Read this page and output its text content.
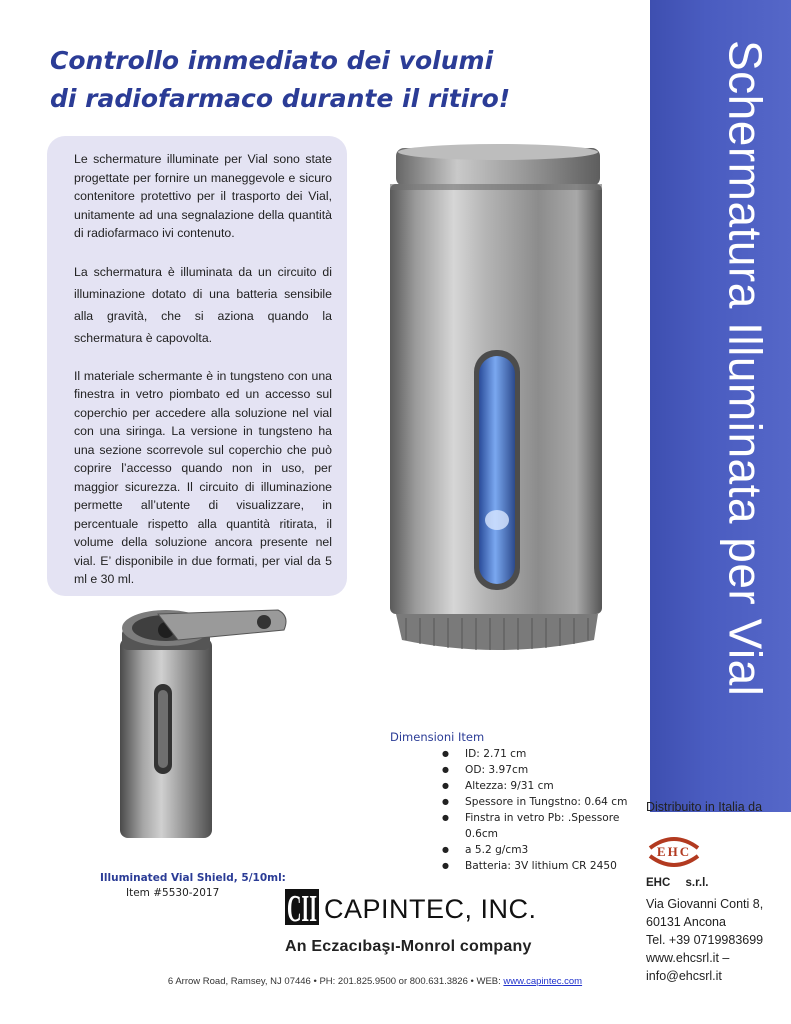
Schermatura Illuminata per Vial
Controllo immediato dei volumi
di radiofarmaco durante il ritiro!

Le schermature illuminate per Vial sono state progettate per fornire un maneggevole e sicuro contenitore protettivo per il trasporto dei Vial, unitamente ad una segnalazione della quantità di radiofarmaco ivi contenuto.

La schermatura è illuminata da un circuito di illuminazione dotato di una batteria sensibile alla gravità, che si aziona quando la schermatura è capovolta.

Il materiale schermante è in tungsteno con una finestra in vetro piombato ed un accesso sul coperchio per accedere alla soluzione nel vial con una siringa. La versione in tungsteno ha una sezione scorrevole sul coperchio che può coprire l’accesso quando non in uso, per maggior sicurezza. Il circuito di illuminazione permette all’utente di visualizzare, in percentuale rispetto alla quantità ritirata, il volume della soluzione ancora presente nel vial. E’ disponibile in due formati, per vial da 5 ml e 30 ml.

Dimensioni Item
● ID: 2.71 cm
● OD: 3.97cm
● Altezza: 9/31 cm
● Spessore in Tungstno: 0.64 cm
● Finstra in vetro Pb: .Spessore 0.6cm
● a 5.2 g/cm3
● Batteria: 3V lithium CR 2450
Illuminated Vial Shield, 5/10ml:
Item #5530-2017 CII CAPINTEC, INC.
An Eczacıbaşı-Monrol company
6 Arrow Road, Ramsey, NJ 07446 • PH: 201.825.9500 or 800.631.3826 • WEB: www.capintec.com
Distribuito in Italia da
EHC
EHC s.r.l.
Via Giovanni Conti 8,
60131 Ancona
Tel. +39 0719983699
www.ehcsrl.it –
info@ehcsrl.it
